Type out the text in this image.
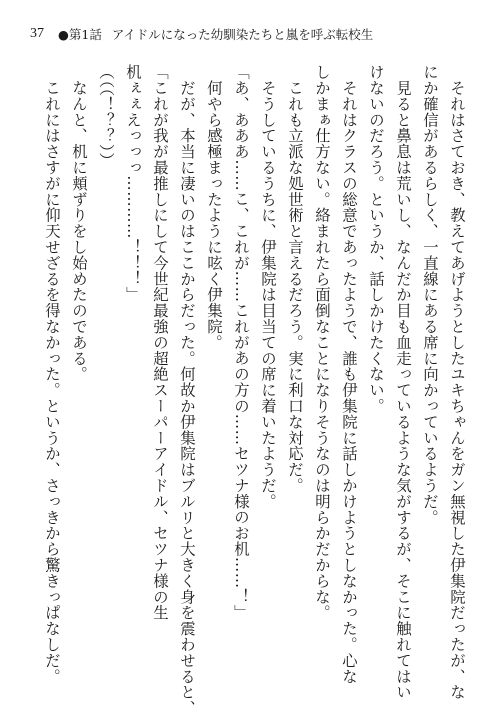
37 ●第1話 アイドルになった幼馴染たちと嵐を呼ぶ転校生

　それはさておき、教えてあげようとしたユキちゃんをガン無視した伊集院だったが、な

にか確信があるらしく、一直線にある席に向かっているようだ。

　見ると鼻息は荒いし、なんだか目も血走っているような気がするが、そこに触れてはい

けないのだろう。というか、話しかけたくない。

　それはクラスの総意であったようで、誰も伊集院に話しかけようとしなかった。心な

しかまぁ仕方ない。絡まれたら面倒なことになりそうなのは明らかだからな。

　これも立派な処世術と言えるだろう。実に利口な対応だ。

　そうしているうちに、伊集院は目当ての席に着いたようだ。

「あ、あああ……こ、これが……これがあの方の……セツナ様のお机……！」

　何やら感極まったように呟く伊集院。

　だが、本当に凄いのはここからだった。何故か伊集院はブルリと大きく身を震わせると、

「これが我が最推しにして今世紀最強の超絶スーパーアイドル、セツナ様の生

机ぇぇえっっっ…………！！！」

（（（！？？））

　なんと、机に頬ずりをし始めたのである。

　これにはさすがに仰天せざるを得なかった。というか、さっきから驚きっぱなしだ。
